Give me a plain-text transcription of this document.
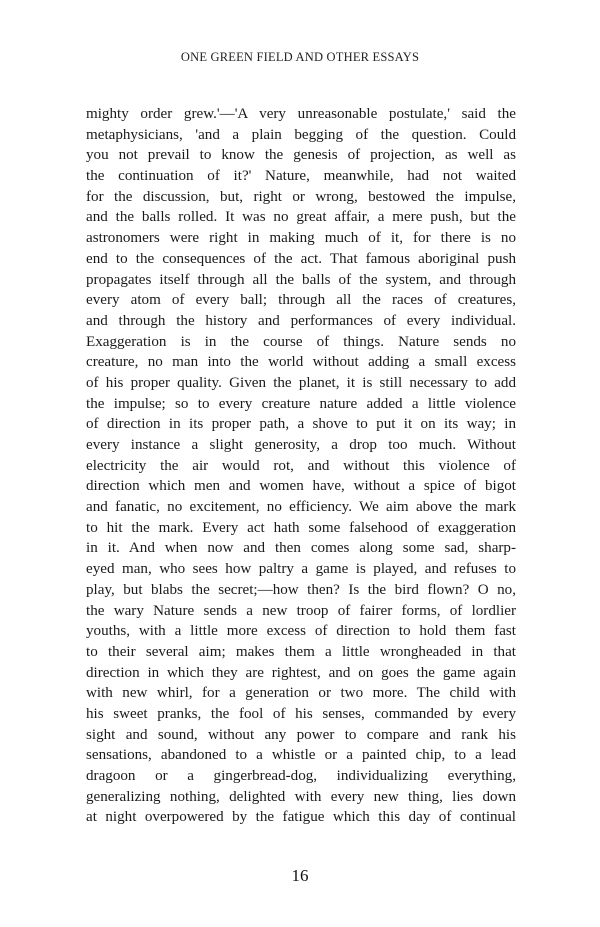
ONE GREEN FIELD AND OTHER ESSAYS
mighty order grew.'—'A very unreasonable postulate,' said the
metaphysicians, 'and a plain begging of the question. Could
you not prevail to know the genesis of projection, as well as
the continuation of it?' Nature, meanwhile, had not waited
for the discussion, but, right or wrong, bestowed the impulse,
and the balls rolled. It was no great affair, a mere push, but the
astronomers were right in making much of it, for there is no
end to the consequences of the act. That famous aboriginal push
propagates itself through all the balls of the system, and through
every atom of every ball; through all the races of creatures,
and through the history and performances of every individual.
Exaggeration is in the course of things. Nature sends no
creature, no man into the world without adding a small excess
of his proper quality. Given the planet, it is still necessary to add
the impulse; so to every creature nature added a little violence
of direction in its proper path, a shove to put it on its way; in
every instance a slight generosity, a drop too much. Without
electricity the air would rot, and without this violence of
direction which men and women have, without a spice of bigot
and fanatic, no excitement, no efficiency. We aim above the mark
to hit the mark. Every act hath some falsehood of exaggeration
in it. And when now and then comes along some sad, sharp-
eyed man, who sees how paltry a game is played, and refuses to
play, but blabs the secret;—how then? Is the bird flown? O no,
the wary Nature sends a new troop of fairer forms, of lordlier
youths, with a little more excess of direction to hold them fast
to their several aim; makes them a little wrongheaded in that
direction in which they are rightest, and on goes the game again
with new whirl, for a generation or two more. The child with
his sweet pranks, the fool of his senses, commanded by every
sight and sound, without any power to compare and rank his
sensations, abandoned to a whistle or a painted chip, to a lead
dragoon or a gingerbread-dog, individualizing everything,
generalizing nothing, delighted with every new thing, lies down
at night overpowered by the fatigue which this day of continual
16
